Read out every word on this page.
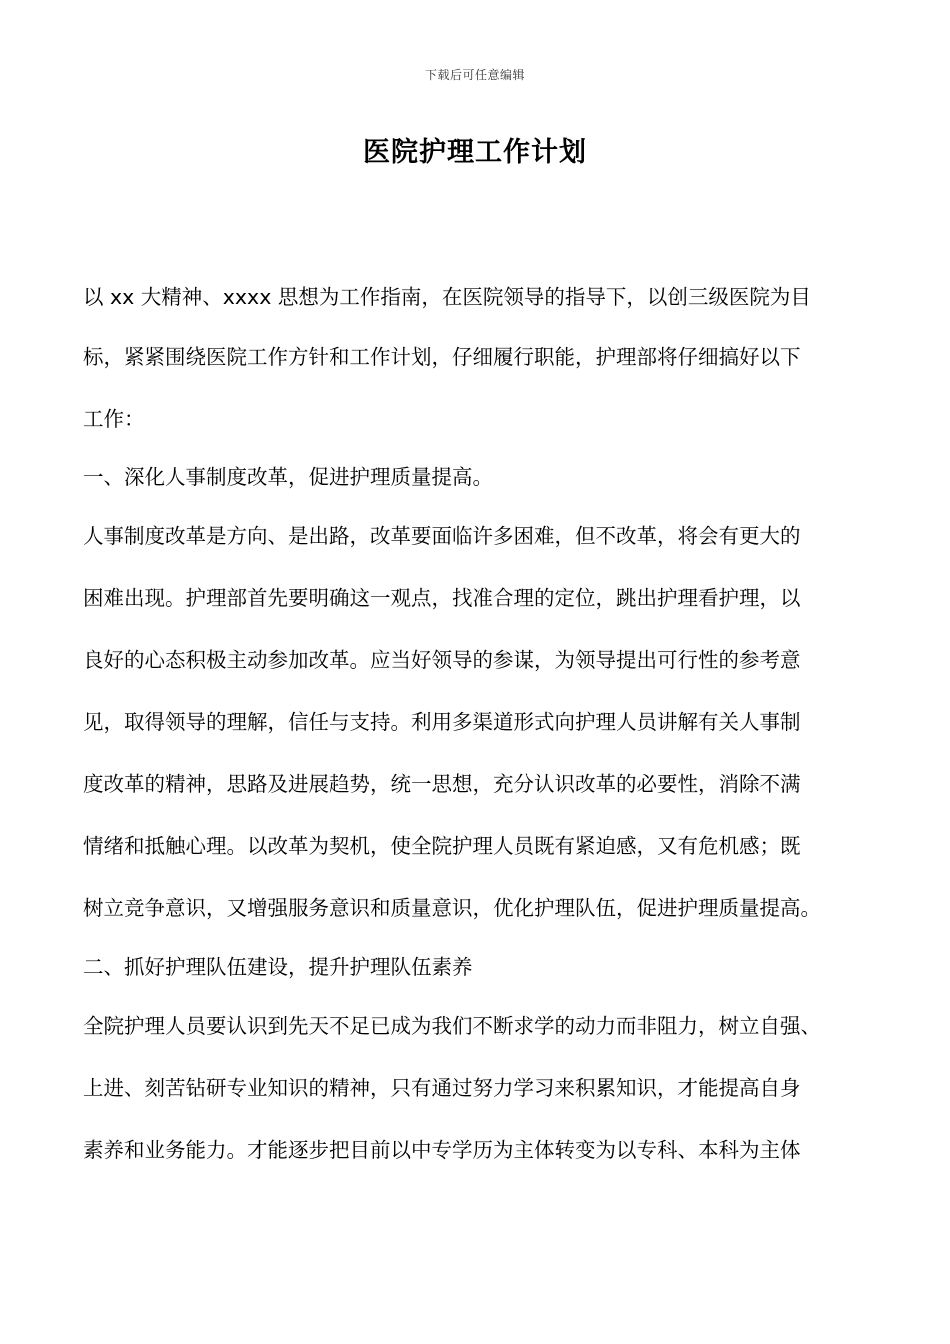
下载后可任意编辑
医院护理工作计划
以 xx 大精神、xxxx 思想为工作指南，在医院领导的指导下，以创三级医院为目
标，紧紧围绕医院工作方针和工作计划，仔细履行职能，护理部将仔细搞好以下
工作：
一、深化人事制度改革，促进护理质量提高。
人事制度改革是方向、是出路，改革要面临许多困难，但不改革，将会有更大的
困难出现。护理部首先要明确这一观点，找准合理的定位，跳出护理看护理，以
良好的心态积极主动参加改革。应当好领导的参谋，为领导提出可行性的参考意
见，取得领导的理解，信任与支持。利用多渠道形式向护理人员讲解有关人事制
度改革的精神，思路及进展趋势，统一思想，充分认识改革的必要性，消除不满
情绪和抵触心理。以改革为契机，使全院护理人员既有紧迫感，又有危机感；既
树立竞争意识，又增强服务意识和质量意识，优化护理队伍，促进护理质量提高。
二、抓好护理队伍建设，提升护理队伍素养
全院护理人员要认识到先天不足已成为我们不断求学的动力而非阻力，树立自强、
上进、刻苦钻研专业知识的精神，只有通过努力学习来积累知识，才能提高自身
素养和业务能力。才能逐步把目前以中专学历为主体转变为以专科、本科为主体
